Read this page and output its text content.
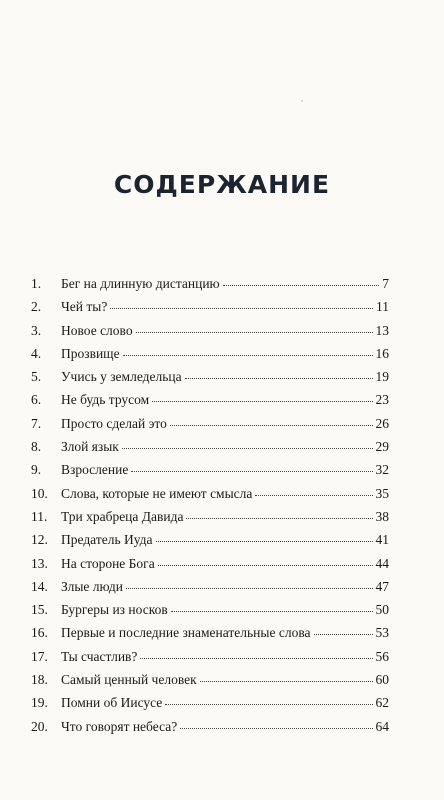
СОДЕРЖАНИЕ
1.	Бег на длинную дистанцию	7
2.	Чей ты?	11
3.	Новое слово	13
4.	Прозвище	16
5.	Учись у земледельца	19
6.	Не будь трусом	23
7.	Просто сделай это	26
8.	Злой язык	29
9.	Взросление	32
10. Слова, которые не имеют смысла	35
11.	Три храбреца Давида	38
12. Предатель Иуда	41
13. На стороне Бога	44
14. Злые люди	47
15. Бургеры из носков	50
16. Первые и последние знаменательные слова	53
17. Ты счастлив?	56
18. Самый ценный человек	60
19. Помни об Иисусе	62
20. Что говорят небеса?	64
